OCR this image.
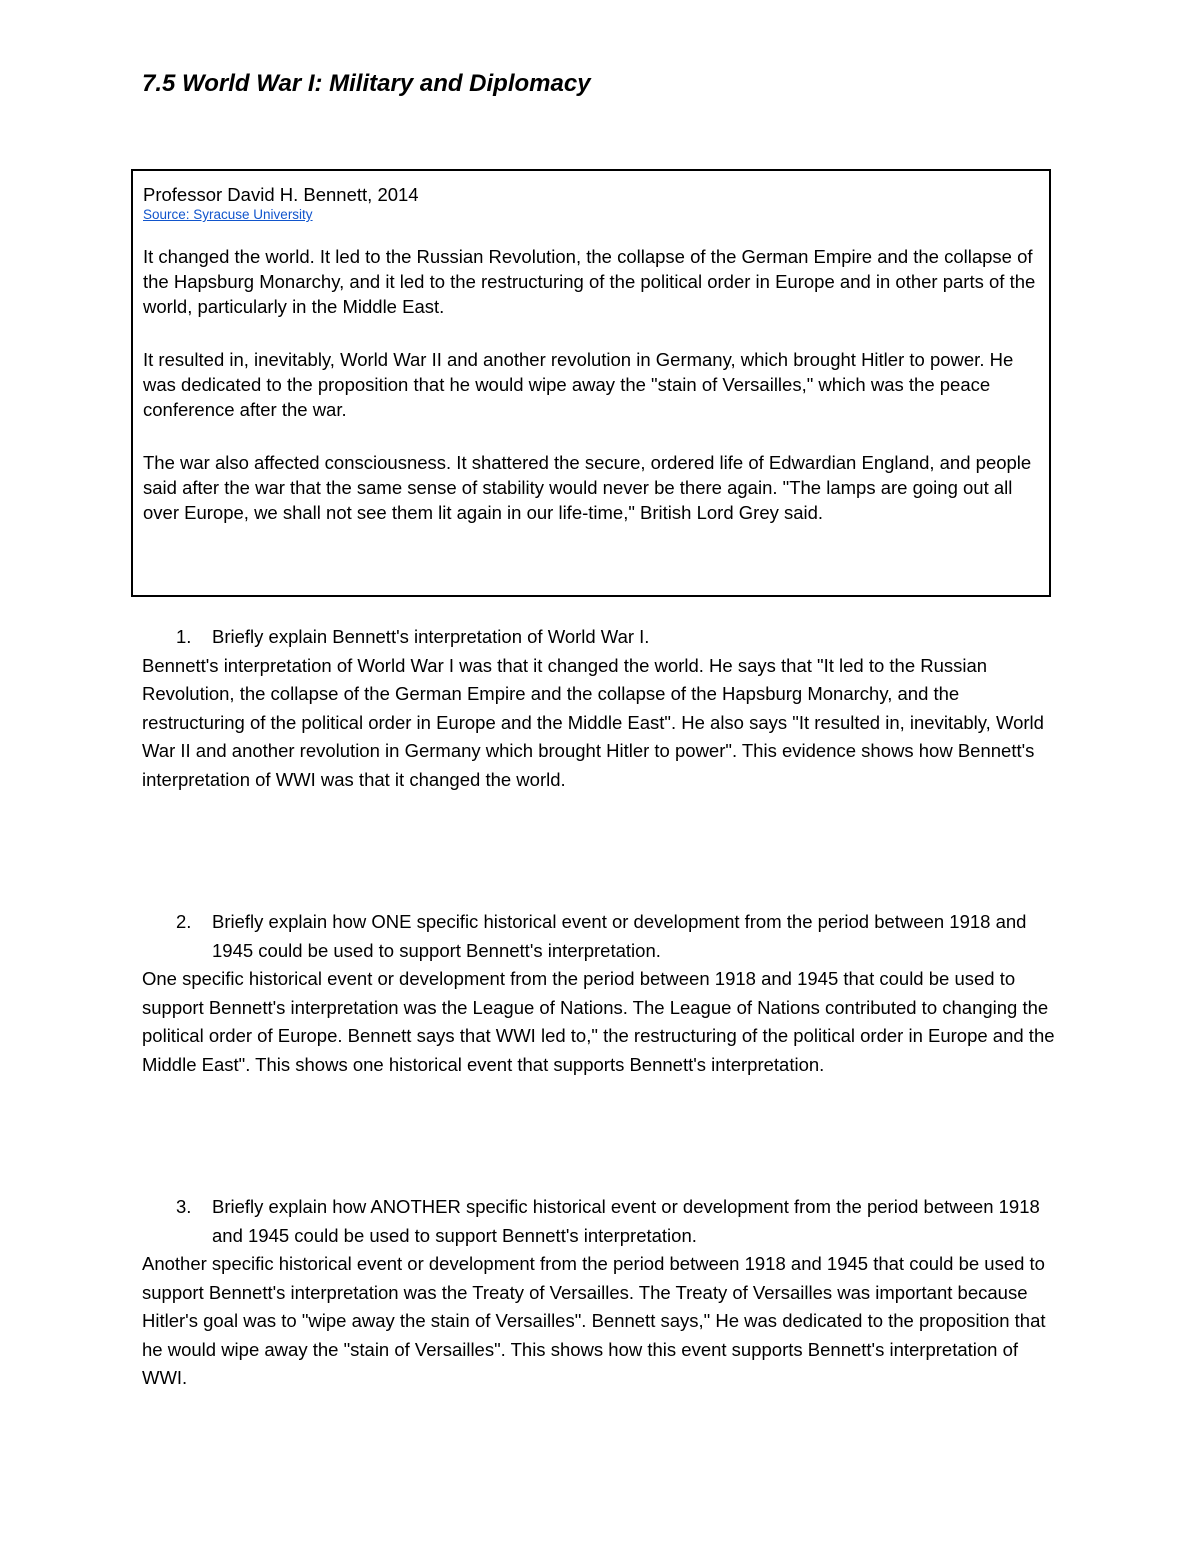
7.5 World War I: Military and Diplomacy

Professor David H. Bennett, 2014

Source: Syracuse University

It changed the world. It led to the Russian Revolution, the collapse of the German Empire and the collapse of the Hapsburg Monarchy, and it led to the restructuring of the political order in Europe and in other parts of the world, particularly in the Middle East.

It resulted in, inevitably, World War II and another revolution in Germany, which brought Hitler to power. He was dedicated to the proposition that he would wipe away the "stain of Versailles," which was the peace conference after the war.

The war also affected consciousness. It shattered the secure, ordered life of Edwardian England, and people said after the war that the same sense of stability would never be there again. "The lamps are going out all over Europe, we shall not see them lit again in our life-time," British Lord Grey said.

1. Briefly explain Bennett's interpretation of World War I.

Bennett's interpretation of World War I was that it changed the world. He says that "It led to the Russian Revolution, the collapse of the German Empire and the collapse of the Hapsburg Monarchy, and the restructuring of the political order in Europe and the Middle East". He also says "It resulted in, inevitably, World War II and another revolution in Germany which brought Hitler to power". This evidence shows how Bennett's interpretation of WWI was that it changed the world.

2. Briefly explain how ONE specific historical event or development from the period between 1918 and 1945 could be used to support Bennett's interpretation.

One specific historical event or development from the period between 1918 and 1945 that could be used to support Bennett's interpretation was the League of Nations. The League of Nations contributed to changing the political order of Europe. Bennett says that WWI led to," the restructuring of the political order in Europe and the Middle East". This shows one historical event that supports Bennett's interpretation.

3. Briefly explain how ANOTHER specific historical event or development from the period between 1918 and 1945 could be used to support Bennett's interpretation.

Another specific historical event or development from the period between 1918 and 1945 that could be used to support Bennett's interpretation was the Treaty of Versailles. The Treaty of Versailles was important because Hitler's goal was to "wipe away the stain of Versailles". Bennett says," He was dedicated to the proposition that he would wipe away the "stain of Versailles". This shows how this event supports Bennett's interpretation of WWI.
